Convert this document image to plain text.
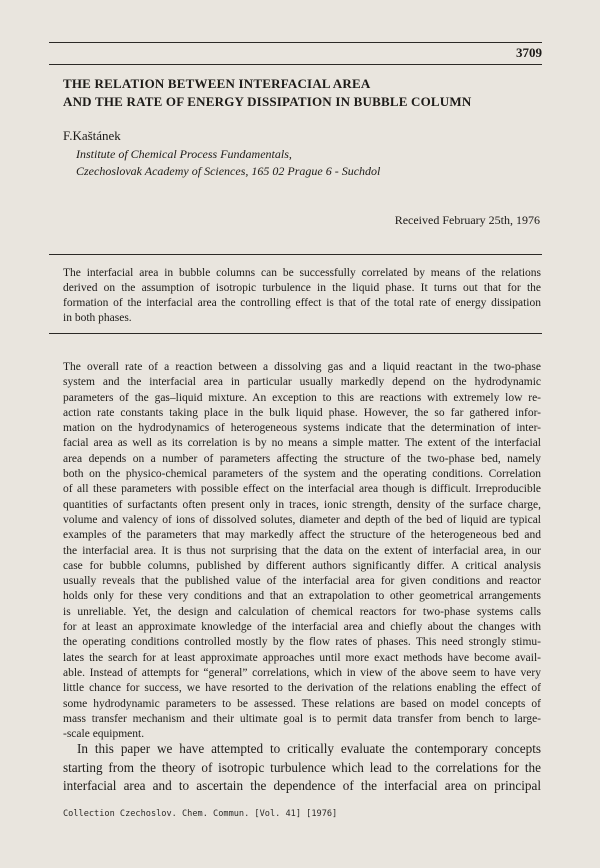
3709
THE RELATION BETWEEN INTERFACIAL AREA
AND THE RATE OF ENERGY DISSIPATION IN BUBBLE COLUMN
F.Kaštánek
Institute of Chemical Process Fundamentals,
Czechoslovak Academy of Sciences, 165 02 Prague 6 - Suchdol
Received February 25th, 1976
The interfacial area in bubble columns can be successfully correlated by means of the relations
derived on the assumption of isotropic turbulence in the liquid phase. It turns out that for the
formation of the interfacial area the controlling effect is that of the total rate of energy dissipation
in both phases.
The overall rate of a reaction between a dissolving gas and a liquid reactant in the two-phase
system and the interfacial area in particular usually markedly depend on the hydrodynamic
parameters of the gas–liquid mixture. An exception to this are reactions with extremely low re-
action rate constants taking place in the bulk liquid phase. However, the so far gathered infor-
mation on the hydrodynamics of heterogeneous systems indicate that the determination of inter-
facial area as well as its correlation is by no means a simple matter. The extent of the interfacial
area depends on a number of parameters affecting the structure of the two-phase bed, namely
both on the physico-chemical parameters of the system and the operating conditions. Correlation
of all these parameters with possible effect on the interfacial area though is difficult. Irreproducible
quantities of surfactants often present only in traces, ionic strength, density of the surface charge,
volume and valency of ions of dissolved solutes, diameter and depth of the bed of liquid are typical
examples of the parameters that may markedly affect the structure of the heterogeneous bed and
the interfacial area. It is thus not surprising that the data on the extent of interfacial area, in our
case for bubble columns, published by different authors significantly differ. A critical analysis
usually reveals that the published value of the interfacial area for given conditions and reactor
holds only for these very conditions and that an extrapolation to other geometrical arrangements
is unreliable. Yet, the design and calculation of chemical reactors for two-phase systems calls
for at least an approximate knowledge of the interfacial area and chiefly about the changes with
the operating conditions controlled mostly by the flow rates of phases. This need strongly stimu-
lates the search for at least approximate approaches until more exact methods have become avail-
able. Instead of attempts for “general” correlations, which in view of the above seem to have very
little chance for success, we have resorted to the derivation of the relations enabling the effect of
some hydrodynamic parameters to be assessed. These relations are based on model concepts of
mass transfer mechanism and their ultimate goal is to permit data transfer from bench to large-
-scale equipment.
In this paper we have attempted to critically evaluate the contemporary concepts
starting from the theory of isotropic turbulence which lead to the correlations for the
interfacial area and to ascertain the dependence of the interfacial area on principal
Collection Czechoslov. Chem. Commun. [Vol. 41] [1976]
